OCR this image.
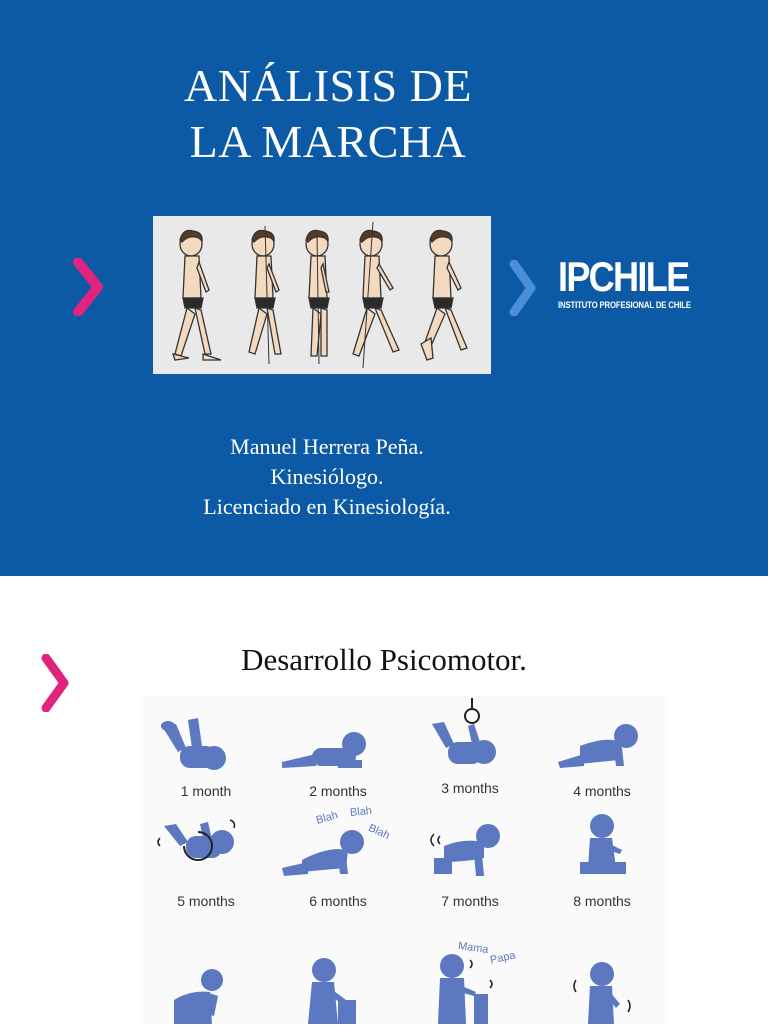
ANÁLISIS DE
LA MARCHA
IPCHILE
INSTITUTO PROFESIONAL DE CHILE
Manuel Herrera Peña.
Kinesiólogo.
Licenciado en Kinesiología.
Desarrollo Psicomotor.
1 month	2 months	3 months	4 months
5 months
Blah Blah
Blah
6 months	7 months	8 months
Mama
Papa
